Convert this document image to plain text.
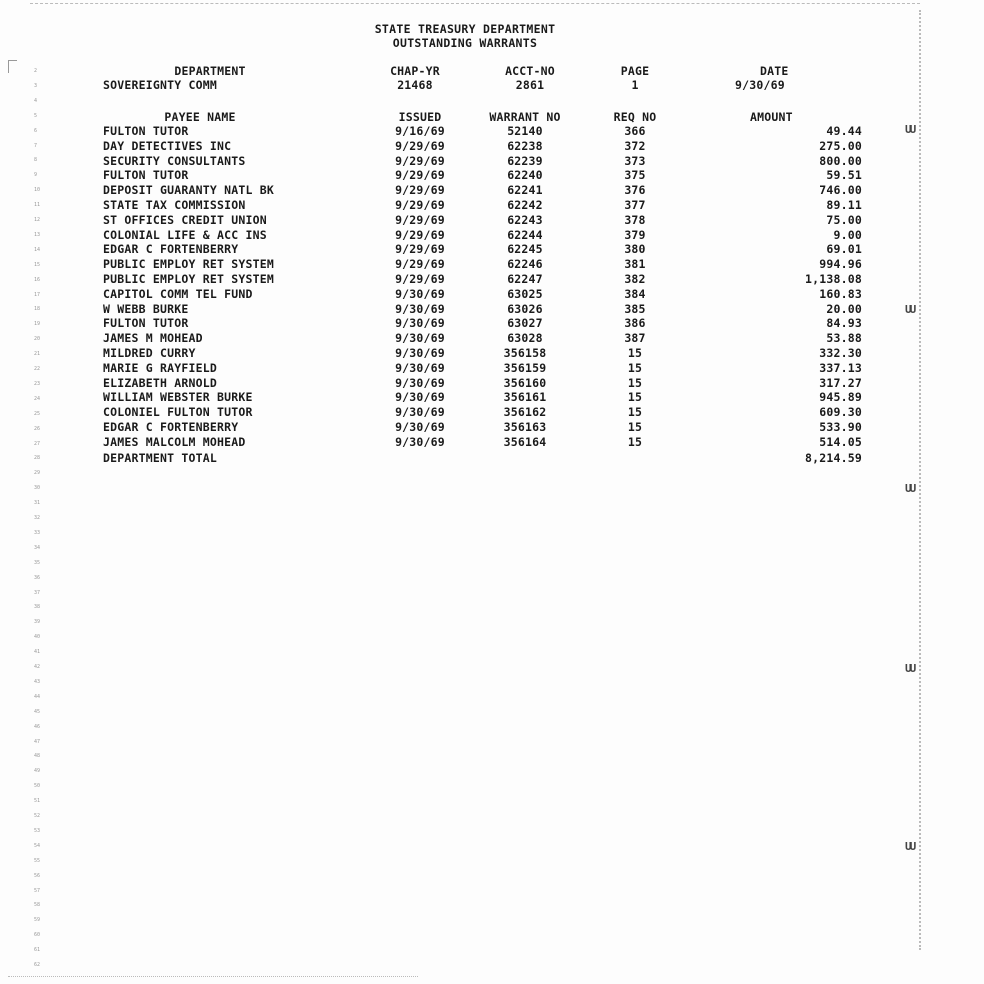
STATE TREASURY DEPARTMENT
OUTSTANDING WARRANTS
DEPARTMENT	CHAP-YR	ACCT-NO	PAGE	DATE
SOVEREIGNTY COMM	21468	2861	1	9/30/69
PAYEE NAME	ISSUED	WARRANT NO	REQ NO	AMOUNT
FULTON TUTOR	9/16/69	52140	366	49.44
DAY DETECTIVES INC	9/29/69	62238	372	275.00
SECURITY CONSULTANTS	9/29/69	62239	373	800.00
FULTON TUTOR	9/29/69	62240	375	59.51
DEPOSIT GUARANTY NATL BK	9/29/69	62241	376	746.00
STATE TAX COMMISSION	9/29/69	62242	377	89.11
ST OFFICES CREDIT UNION	9/29/69	62243	378	75.00
COLONIAL LIFE & ACC INS	9/29/69	62244	379	9.00
EDGAR C FORTENBERRY	9/29/69	62245	380	69.01
PUBLIC EMPLOY RET SYSTEM	9/29/69	62246	381	994.96
PUBLIC EMPLOY RET SYSTEM	9/29/69	62247	382	1,138.08
CAPITOL COMM TEL FUND	9/30/69	63025	384	160.83
W WEBB BURKE	9/30/69	63026	385	20.00
FULTON TUTOR	9/30/69	63027	386	84.93
JAMES M MOHEAD	9/30/69	63028	387	53.88
MILDRED CURRY	9/30/69	356158	15	332.30
MARIE G RAYFIELD	9/30/69	356159	15	337.13
ELIZABETH ARNOLD	9/30/69	356160	15	317.27
WILLIAM WEBSTER BURKE	9/30/69	356161	15	945.89
COLONIEL FULTON TUTOR	9/30/69	356162	15	609.30
EDGAR C FORTENBERRY	9/30/69	356163	15	533.90
JAMES MALCOLM MOHEAD	9/30/69	356164	15	514.05
DEPARTMENT TOTAL	8,214.59
2
3
4
5
6
7
8
9
10
11
12
13
14
15
16
17
18
19
20
21
22
23
24
25
26
27
28
29
30
31
32
33
34
35
36
37
38
39
40
41
42
43
44
45
46
47
48
49
50
51
52
53
54
55
56
57
58
59
60
61
62
UU
UU
UU
UU
UU
